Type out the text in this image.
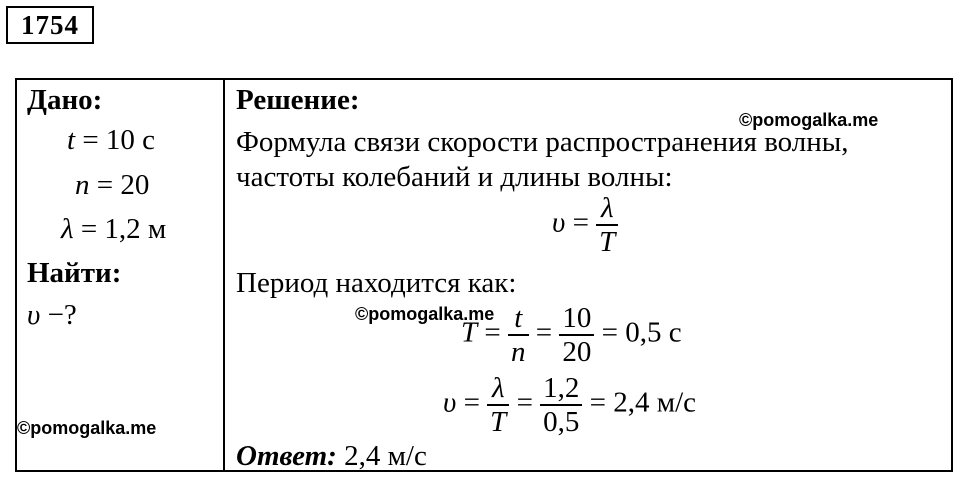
1754
Дано:
t = 10 с
n = 20
λ = 1,2 м
Найти:
υ −?
©pomogalka.me
Решение:
©pomogalka.me
Формула связи скорости распространения волны,
частоты колебаний и длины волны:
$\upsilon = \frac{\lambda}{T}$
Период находится как:
©pomogalka.me
$T = \frac{t}{n} = \frac{10}{20} = 0,5$ с
$\upsilon = \frac{\lambda}{T} = \frac{1,2}{0,5} = 2,4$ м/с
Ответ: 2,4 м/с
